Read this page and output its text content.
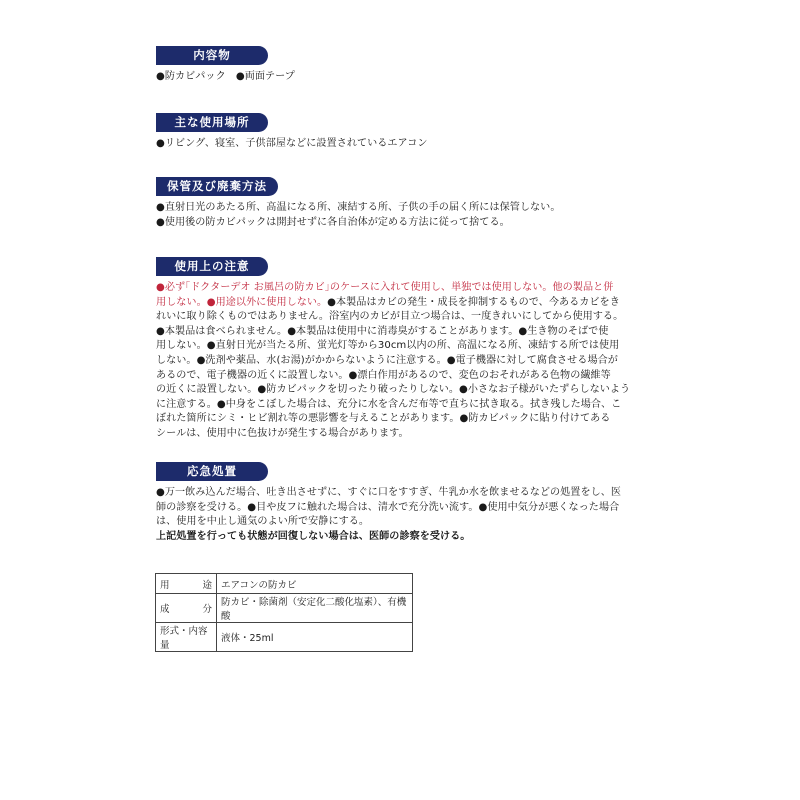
内容物
●防カビパック　●両面テープ
主な使用場所
●リビング、寝室、子供部屋などに設置されているエアコン
保管及び廃棄方法
●直射日光のあたる所、高温になる所、凍結する所、子供の手の届く所には保管しない。
●使用後の防カビパックは開封せずに各自治体が定める方法に従って捨てる。
使用上の注意
●必ず｢ドクターデオ お風呂の防カビ｣のケースに入れて使用し、単独では使用しない。他の製品と併
用しない。●用途以外に使用しない。●本製品はカビの発生・成長を抑制するもので、今あるカビをき
れいに取り除くものではありません。浴室内のカビが目立つ場合は、一度きれいにしてから使用する。
●本製品は食べられません。●本製品は使用中に消毒臭がすることがあります。●生き物のそばで使
用しない。●直射日光が当たる所、蛍光灯等から30cm以内の所、高温になる所、凍結する所では使用
しない。●洗剤や薬品、水(お湯)がかからないように注意する。●電子機器に対して腐食させる場合が
あるので、電子機器の近くに設置しない。●漂白作用があるので、変色のおそれがある色物の繊維等
の近くに設置しない。●防カビパックを切ったり破ったりしない。●小さなお子様がいたずらしないよう
に注意する。●中身をこぼした場合は、充分に水を含んだ布等で直ちに拭き取る。拭き残した場合、こ
ぼれた箇所にシミ・ヒビ割れ等の悪影響を与えることがあります。●防カビパックに貼り付けてある
シールは、使用中に色抜けが発生する場合があります。
応急処置
●万一飲み込んだ場合、吐き出させずに、すぐに口をすすぎ、牛乳か水を飲ませるなどの処置をし、医
師の診察を受ける。●目や皮フに触れた場合は、清水で充分洗い流す。●使用中気分が悪くなった場合
は、使用を中止し通気のよい所で安静にする。
上記処置を行っても状態が回復しない場合は、医師の診察を受ける。
用 途	エアコンの防カビ

成 分	防カビ・除菌剤（安定化二酸化塩素）、有機酸
形式・内容量	液体・25ml
